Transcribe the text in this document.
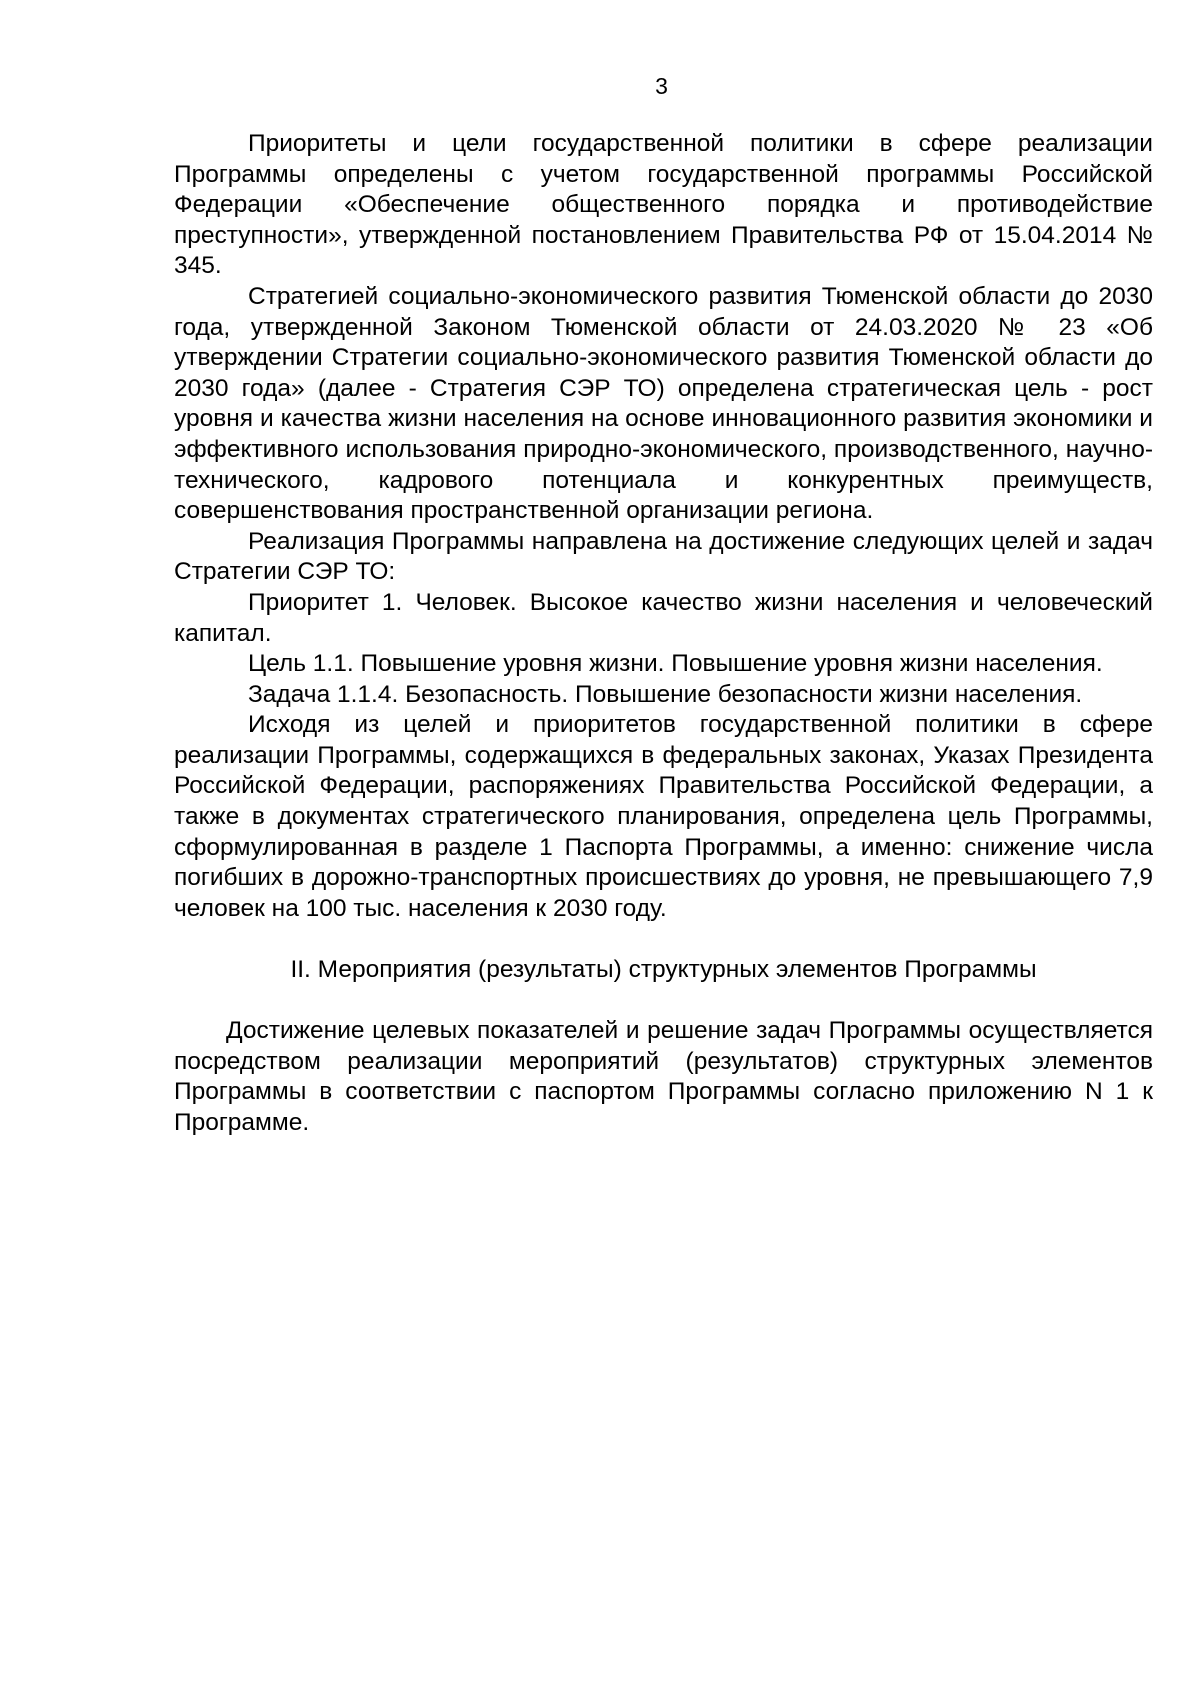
3

Приоритеты и цели государственной политики в сфере реализации Программы определены с учетом государственной программы Российской Федерации «Обеспечение общественного порядка и противодействие преступности», утвержденной постановлением Правительства РФ от 15.04.2014 № 345.

Стратегией социально-экономического развития Тюменской области до 2030 года, утвержденной Законом Тюменской области от 24.03.2020 № 23 «Об утверждении Стратегии социально-экономического развития Тюменской области до 2030 года» (далее - Стратегия СЭР ТО) определена стратегическая цель - рост уровня и качества жизни населения на основе инновационного развития экономики и эффективного использования природно-экономического, производственного, научно-технического, кадрового потенциала и конкурентных преимуществ, совершенствования пространственной организации региона.

Реализация Программы направлена на достижение следующих целей и задач Стратегии СЭР ТО:

Приоритет 1. Человек. Высокое качество жизни населения и человеческий капитал.

Цель 1.1. Повышение уровня жизни. Повышение уровня жизни населения.

Задача 1.1.4. Безопасность. Повышение безопасности жизни населения.

Исходя из целей и приоритетов государственной политики в сфере реализации Программы, содержащихся в федеральных законах, Указах Президента Российской Федерации, распоряжениях Правительства Российской Федерации, а также в документах стратегического планирования, определена цель Программы, сформулированная в разделе 1 Паспорта Программы, а именно: снижение числа погибших в дорожно-транспортных происшествиях до уровня, не превышающего 7,9 человек на 100 тыс. населения к 2030 году.

II. Мероприятия (результаты) структурных элементов Программы

Достижение целевых показателей и решение задач Программы осуществляется посредством реализации мероприятий (результатов) структурных элементов Программы в соответствии с паспортом Программы согласно приложению N 1 к Программе.
